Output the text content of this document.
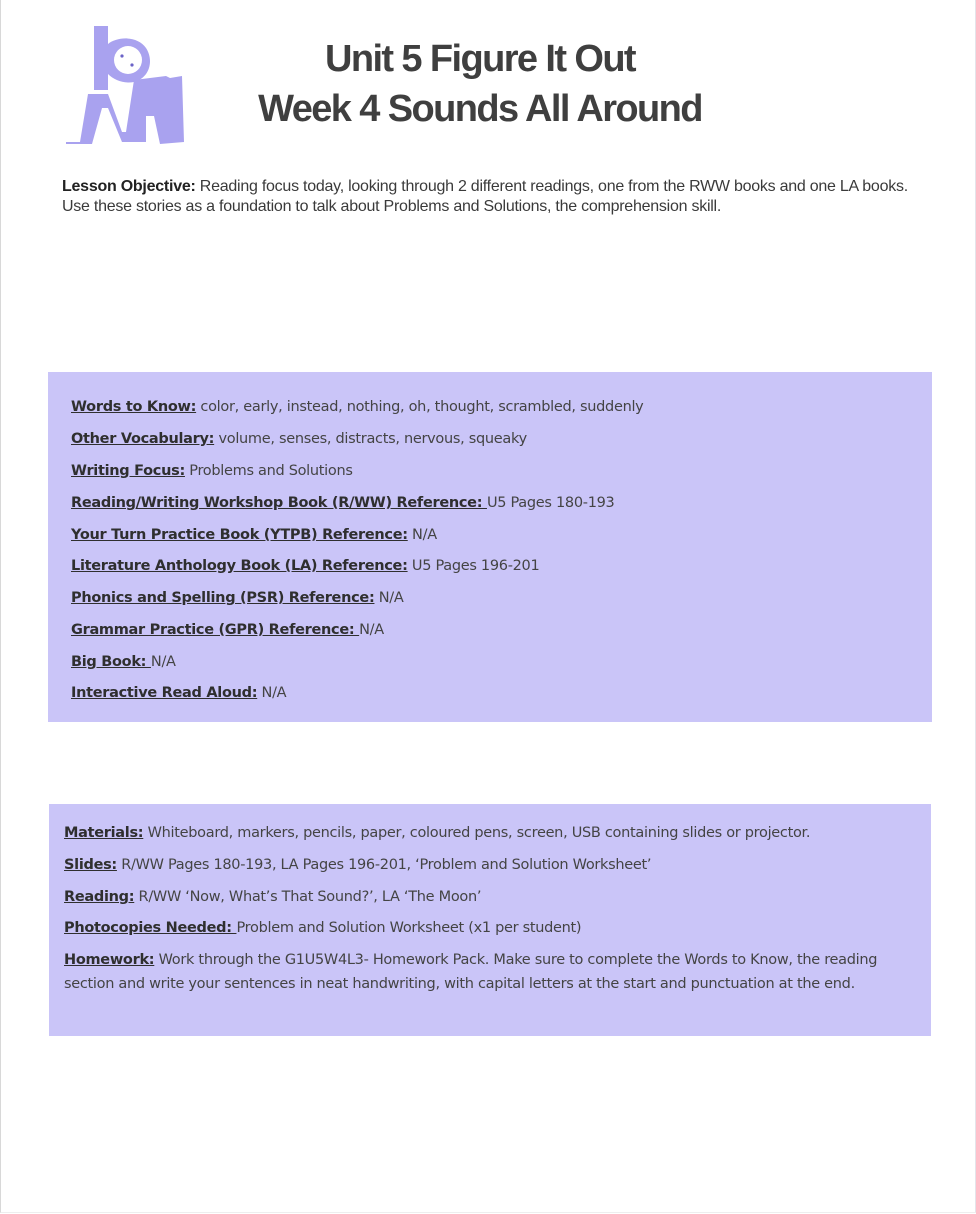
Unit 5 Figure It Out
Week 4 Sounds All Around
Lesson Objective: Reading focus today, looking through 2 different readings, one from the RWW books and one LA books. Use these stories as a foundation to talk about Problems and Solutions, the comprehension skill.
Words to Know: color, early, instead, nothing, oh, thought, scrambled, suddenly
Other Vocabulary: volume, senses, distracts, nervous, squeaky
Writing Focus: Problems and Solutions
Reading/Writing Workshop Book (R/WW) Reference: U5 Pages 180-193
Your Turn Practice Book (YTPB) Reference: N/A
Literature Anthology Book (LA) Reference: U5 Pages 196-201
Phonics and Spelling (PSR) Reference: N/A
Grammar Practice (GPR) Reference: N/A
Big Book: N/A
Interactive Read Aloud: N/A
Materials: Whiteboard, markers, pencils, paper, coloured pens, screen, USB containing slides or projector.
Slides: R/WW Pages 180-193, LA Pages 196-201, ‘Problem and Solution Worksheet’
Reading: R/WW ‘Now, What’s That Sound?’, LA ‘The Moon’
Photocopies Needed: Problem and Solution Worksheet (x1 per student)
Homework: Work through the G1U5W4L3- Homework Pack. Make sure to complete the Words to Know, the reading section and write your sentences in neat handwriting, with capital letters at the start and punctuation at the end.
